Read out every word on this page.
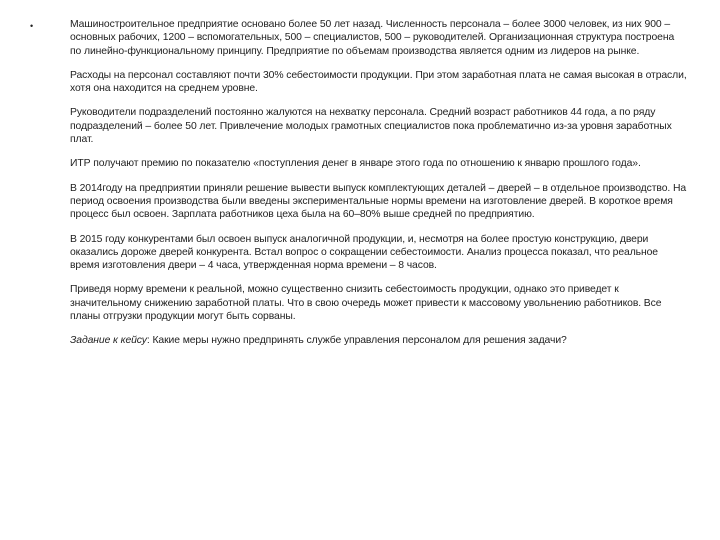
•	Машиностроительное предприятие основано более 50 лет назад. Численность персонала – более 3000 человек, из них 900 – основных рабочих, 1200 – вспомогательных, 500 – специалистов, 500 – руководителей. Организационная структура построена по линейно-функциональному принципу. Предприятие по объемам производства является одним из лидеров на рынке.

Расходы на персонал составляют почти 30% себестоимости продукции. При этом заработная плата не самая высокая в отрасли, хотя она находится на среднем уровне.

Руководители подразделений постоянно жалуются на нехватку персонала. Средний возраст работников 44 года, а по ряду подразделений – более 50 лет. Привлечение молодых грамотных специалистов пока проблематично из-за уровня заработных плат.

ИТР получают премию по показателю «поступления денег в январе этого года по отношению к январю прошлого года».

В 2014году на предприятии приняли решение вывести выпуск комплектующих деталей – дверей – в отдельное производство. На период освоения производства были введены экспериментальные нормы времени на изготовление дверей. В короткое время процесс был освоен. Зарплата работников цеха была на 60–80% выше средней по предприятию.

В 2015 году конкурентами был освоен выпуск аналогичной продукции, и, несмотря на более простую конструкцию, двери оказались дороже дверей конкурента. Встал вопрос о сокращении себестоимости. Анализ процесса показал, что реальное время изготовления двери – 4 часа, утвержденная норма времени – 8 часов.

Приведя норму времени к реальной, можно существенно снизить себестоимость продукции, однако это приведет к значительному снижению заработной платы. Что в свою очередь может привести к массовому увольнению работников. Все планы отгрузки продукции могут быть сорваны.

Задание к кейсу: Какие меры нужно предпринять службе управления персоналом для решения задачи?
